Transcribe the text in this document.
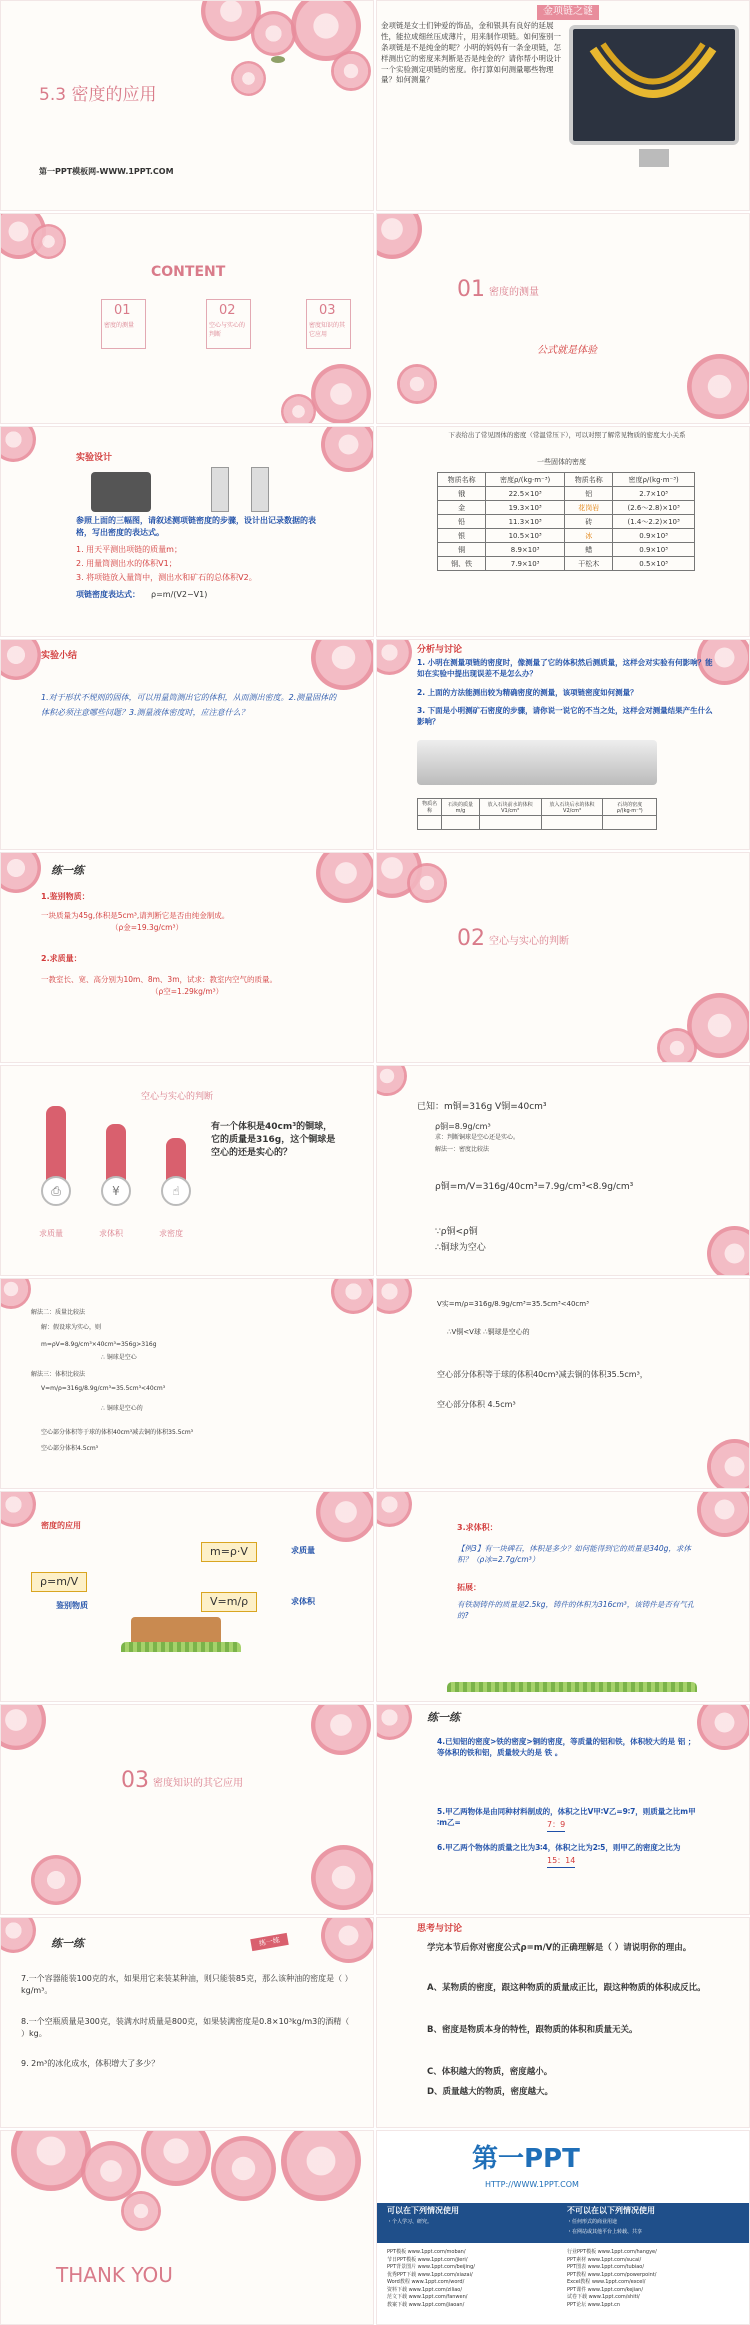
5.3 密度的应用
第一PPT模板网-WWW.1PPT.COM
金项链之谜
金项链是女士们钟爱的饰品，金和银具有良好的延展性，能拉成细丝压成薄片，用来制作项链。如何鉴别一条项链是不是纯金的呢？小明的妈妈有一条金项链，怎样测出它的密度来判断是否是纯金的？请你帮小明设计一个实验测定项链的密度。你打算如何测量哪些物理量？如何测量？
CONTENT
01
密度的测量
02
空心与实心的判断
03
密度知识的其它应用
01 密度的测量
公式就是体验
实验设计
参照上面的三幅图，请叙述测项链密度的步骤，设计出记录数据的表格，写出密度的表达式。
1. 用天平测出项链的质量m；
2. 用量筒测出水的体积V1；
3. 将项链放入量筒中，测出水和矿石的总体积V2。
项链密度表达式： ρ=m/(V2−V1)
下表给出了常见固体的密度（常温常压下），可以对照了解常见物质的密度大小关系
一些固体的密度
物质名称	密度ρ/(kg·m⁻³)	物质名称	密度ρ/(kg·m⁻³)
锇	22.5×10³	铝	2.7×10³
金	19.3×10³	花岗岩	(2.6～2.8)×10³
铅	11.3×10³	砖	(1.4～2.2)×10³
银	10.5×10³	冰	0.9×10³
铜	8.9×10³	蜡	0.9×10³
钢、铁	7.9×10³	干松木	0.5×10³
实验小结
1.对于形状不规则的固体，可以用量筒测出它的体积，从而测出密度。2.测量固体的体积必须注意哪些问题？3.测量液体密度时，应注意什么？
分析与讨论
1. 小明在测量项链的密度时，像测量了它的体积然后测质量，这样会对实验有何影响？能如在实验中提出现误差不是怎么办？
2. 上面的方法能测出较为精确密度的测量，该项链密度如何测量？
3. 下面是小明测矿石密度的步骤，请你说一说它的不当之处，这样会对测量结果产生什么影响？
物质名称	石块的质量m/g	放入石块前水的体积V1/cm³	放入石块后水的体积V2/cm³	石块的密度ρ/(kg·m⁻³)

练一练
1.鉴别物质：
一块质量为45g,体积是5cm³,请判断它是否由纯金制成。
（ρ金=19.3g/cm³）
2.求质量：
一教室长、宽、高分别为10m、8m、3m，试求：教室内空气的质量。
（ρ空=1.29kg/m³）
02 空心与实心的判断
空心与实心的判断
⎙	¥	☝
求质量	求体积	求密度
有一个体积是40cm³的铜球，它的质量是316g，这个铜球是空心的还是实心的？
已知：m铜=316g V铜=40cm³
ρ铜=8.9g/cm³
求：判断铜球是空心还是实心。
解法一：密度比较法
ρ铜=m/V=316g/40cm³=7.9g/cm³<8.9g/cm³
∵ρ铜<ρ铜
∴铜球为空心
解法二：质量比较法
解：假设球为实心，则
m=ρV=8.9g/cm³×40cm³=356g>316g
∴ 铜球是空心
解法三：体积比较法
V=m/ρ=316g/8.9g/cm³=35.5cm³<40cm³
∴ 铜球是空心的
空心部分体积等于球的体积40cm³减去铜的体积35.5cm³
空心部分体积4.5cm³
V实=m/ρ=316g/8.9g/cm³=35.5cm³<40cm³
∴V铜<V球 ∴铜球是空心的
空心部分体积等于球的体积40cm³减去铜的体积35.5cm³，
空心部分体积 4.5cm³
密度的应用
ρ=m/V
m=ρ·V
V=m/ρ
求质量
求体积
鉴别物质
3.求体积：
【例3】有一块碑石，体积是多少？如何能得到它的质量是340g，求体积？（ρ冰=2.7g/cm³）
拓展：
有铁制铸件的质量是2.5kg，铸件的体积为316cm³，该铸件是否有气孔的?
03 密度知识的其它应用
练一练
4.已知铝的密度>铁的密度>铜的密度，等质量的铝和铁，体积较大的是 铝 ；等体积的铁和铝，质量较大的是 铁 。
5.甲乙两物体是由同种材料制成的，体积之比V甲∶V乙=9∶7，则质量之比m甲∶m乙=	7：9
6.甲乙两个物体的质量之比为3∶4，体积之比为2∶5，则甲乙的密度之比为
15：14
练一练	练一练
7.一个容器能装100克的水，如果用它来装某种油，则只能装85克，那么该种油的密度是（ ）kg/m³。
8.一个空瓶质量是300克，装满水时质量是800克，如果装满密度是0.8×10³kg/m3的酒精（ ）kg。
9. 2m³的冰化成水，体积增大了多少？
思考与讨论
学完本节后你对密度公式ρ=m/V的正确理解是（ ）请说明你的理由。
A、某物质的密度，跟这种物质的质量成正比，跟这种物质的体积成反比。
B、密度是物质本身的特性，跟物质的体积和质量无关。
C、体积越大的物质，密度越小。
D、质量越大的物质，密度越大。
THANK YOU
第一PPT
HTTP://WWW.1PPT.COM
可以在下列情况使用	不可以在以下列情况使用
・个人学习、研究。	・任何形式的商业用途
・在网站或其他平台上转载、共享
PPT模板 www.1ppt.com/moban/
节日PPT模板 www.1ppt.com/jieri/
PPT背景图片 www.1ppt.com/beijing/
优秀PPT下载 www.1ppt.com/xiazai/
Word教程 www.1ppt.com/word/
资料下载 www.1ppt.com/ziliao/
范文下载 www.1ppt.com/fanwen/
教案下载 www.1ppt.com/jiaoan/
行业PPT模板 www.1ppt.com/hangye/
PPT素材 www.1ppt.com/sucai/
PPT图表 www.1ppt.com/tubiao/
PPT教程 www.1ppt.com/powerpoint/
Excel教程 www.1ppt.com/excel/
PPT课件 www.1ppt.com/kejian/
试卷下载 www.1ppt.com/shiti/
PPT论坛 www.1ppt.cn
